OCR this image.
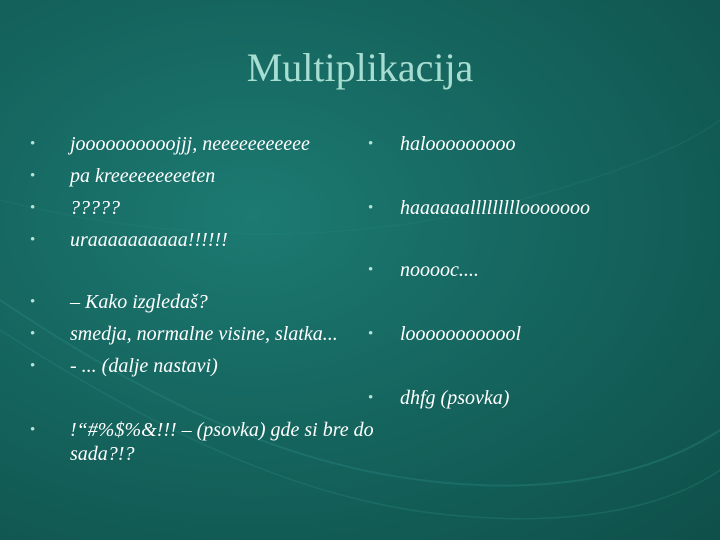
Multiplikacija
• joooooooooojjj, neeeeeeeeeee
• pa kreeeeeeeeeten
• ?????
• uraaaaaaaaaa!!!!!!
• – Kako izgledaš?
• smedja, normalne visine, slatka...
• - ... (dalje nastavi)
• !“#%$%&!!! – (psovka) gde si bre do sada?!?
• halooooooooo
• haaaaaalllllllllooooooo
• nooooc....
• loooooooooool
• dhfg (psovka)
